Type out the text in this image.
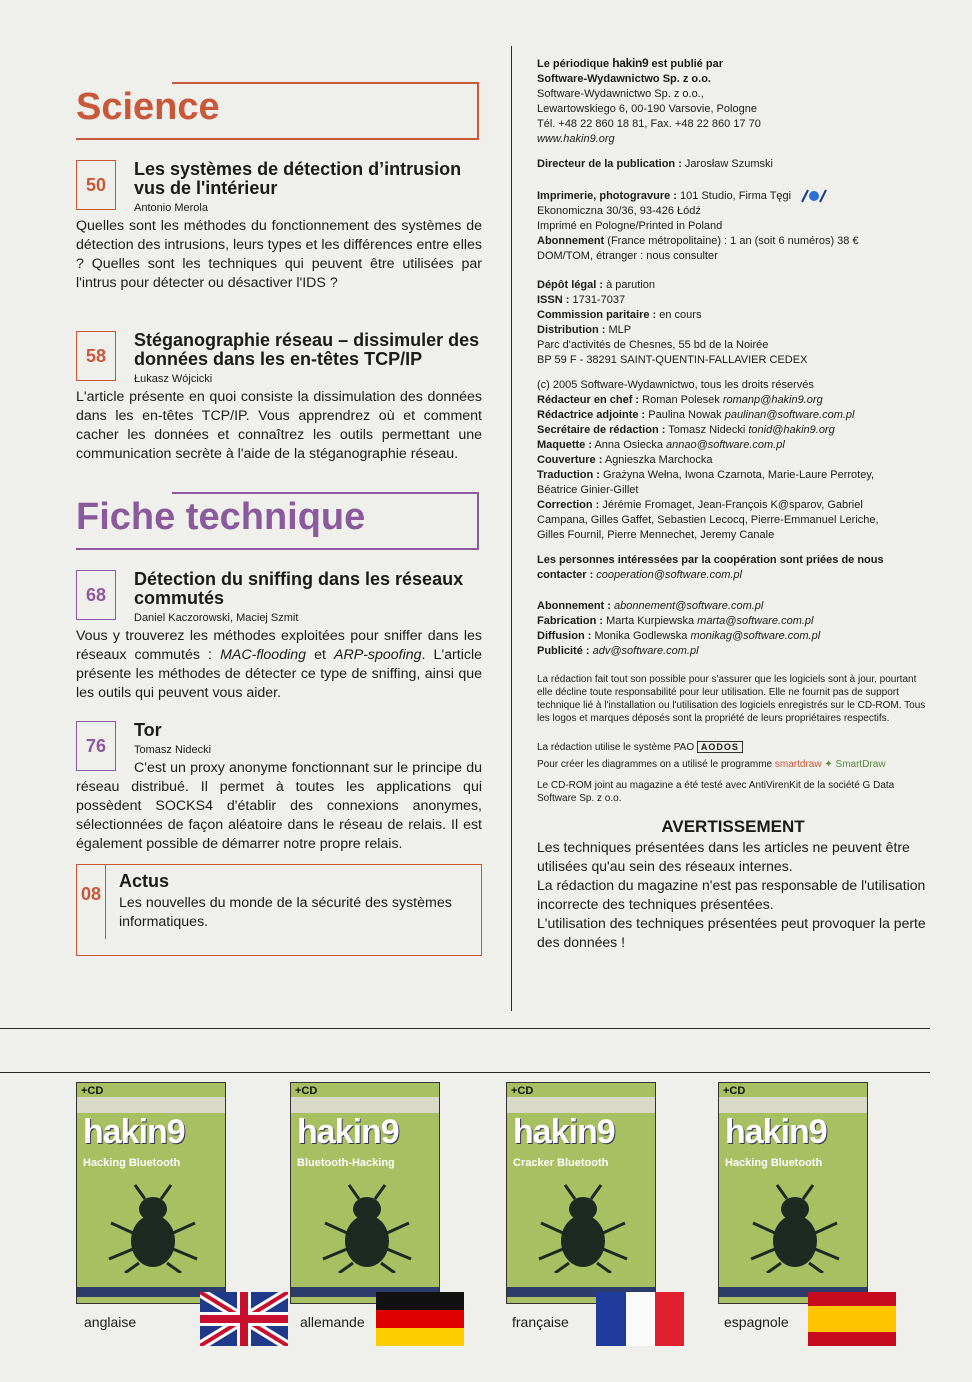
Science
50
Les systèmes de détection d’intrusion vus de l'intérieur
Antonio Merola
Quelles sont les méthodes du fonctionnement des systèmes de détection des intrusions, leurs types et les différences entre elles ? Quelles sont les techniques qui peuvent être utilisées par l'intrus pour détecter ou désactiver l'IDS ?
58
Stéganographie réseau – dissimuler des données dans les en-têtes TCP/IP
Łukasz Wójcicki
L'article présente en quoi consiste la dissimulation des données dans les en-têtes TCP/IP. Vous apprendrez où et comment cacher les données et connaîtrez les outils permettant une communication secrète à l'aide de la stéganographie réseau.
Fiche technique
68
Détection du sniffing dans les réseaux commutés
Daniel Kaczorowski, Maciej Szmit
Vous y trouverez les méthodes exploitées pour sniffer dans les réseaux commutés : MAC-flooding et ARP-spoofing. L'article présente les méthodes de détecter ce type de sniffing, ainsi que les outils qui peuvent vous aider.
76
Tor
Tomasz Nidecki
C'est un proxy anonyme fonctionnant sur le principe du réseau distribué. Il permet à toutes les applications qui possèdent SOCKS4 d'établir des connexions anonymes, sélectionnées de façon aléatoire dans le réseau de relais. Il est également possible de démarrer notre propre relais.
08
Actus
Les nouvelles du monde de la sécurité des systèmes informatiques.

Le périodique hakin9 est publié par

Software-Wydawnictwo Sp. z o.o.

Software-Wydawnictwo Sp. z o.o.,

Lewartowskiego 6, 00-190 Varsovie, Pologne

Tél. +48 22 860 18 81, Fax. +48 22 860 17 70

www.hakin9.org

Directeur de la publication : Jarosław Szumski

Imprimerie, photogravure : 101 Studio, Firma Tęgi

Ekonomiczna 30/36, 93-426 Łódź

Imprimé en Pologne/Printed in Poland

Abonnement (France métropolitaine) : 1 an (soit 6 numéros) 38 €

DOM/TOM, étranger : nous consulter

Dépôt légal : à parution

ISSN : 1731-7037

Commission paritaire : en cours

Distribution : MLP

Parc d'activités de Chesnes, 55 bd de la Noirée

BP 59 F - 38291 SAINT-QUENTIN-FALLAVIER CEDEX

(c) 2005 Software-Wydawnictwo, tous les droits réservés

Rédacteur en chef : Roman Polesek romanp@hakin9.org

Rédactrice adjointe : Paulina Nowak paulinan@software.com.pl

Secrétaire de rédaction : Tomasz Nidecki tonid@hakin9.org

Maquette : Anna Osiecka annao@software.com.pl

Couverture : Agnieszka Marchocka

Traduction : Grażyna Wełna, Iwona Czarnota, Marie-Laure Perrotey,

Béatrice Ginier-Gillet

Correction : Jérémie Fromaget, Jean-François K@sparov, Gabriel

Campana, Gilles Gaffet, Sebastien Lecocq, Pierre-Emmanuel Leriche,

Gilles Fournil, Pierre Mennechet, Jeremy Canale

Les personnes intéressées par la coopération sont priées de nous

contacter : cooperation@software.com.pl

Abonnement : abonnement@software.com.pl

Fabrication : Marta Kurpiewska marta@software.com.pl

Diffusion : Monika Godlewska monikag@software.com.pl

Publicité : adv@software.com.pl

La rédaction fait tout son possible pour s'assurer que les logiciels sont à jour, pourtant elle décline toute responsabilité pour leur utilisation. Elle ne fournit pas de support technique lié à l'installation ou l'utilisation des logiciels enregistrés sur le CD-ROM. Tous les logos et marques déposés sont la propriété de leurs propriétaires respectifs.

La rédaction utilise le système PAO AODOS

Pour créer les diagrammes on a utilisé le programme smartdraw ✦ SmartDraw

Le CD-ROM joint au magazine a été testé avec AntiVirenKit de la société G Data Software Sp. z o.o.

AVERTISSEMENT
Les techniques présentées dans les articles ne peuvent être utilisées qu'au sein des réseaux internes.
La rédaction du magazine n'est pas responsable de l'utilisation incorrecte des techniques présentées.
L'utilisation des techniques présentées peut provoquer la perte des données !
+CD
hakin9
Hacking Bluetooth
anglaise
+CD
hakin9
Bluetooth-Hacking
allemande
+CD
hakin9
Cracker Bluetooth
française
+CD
hakin9
Hacking Bluetooth
espagnole
